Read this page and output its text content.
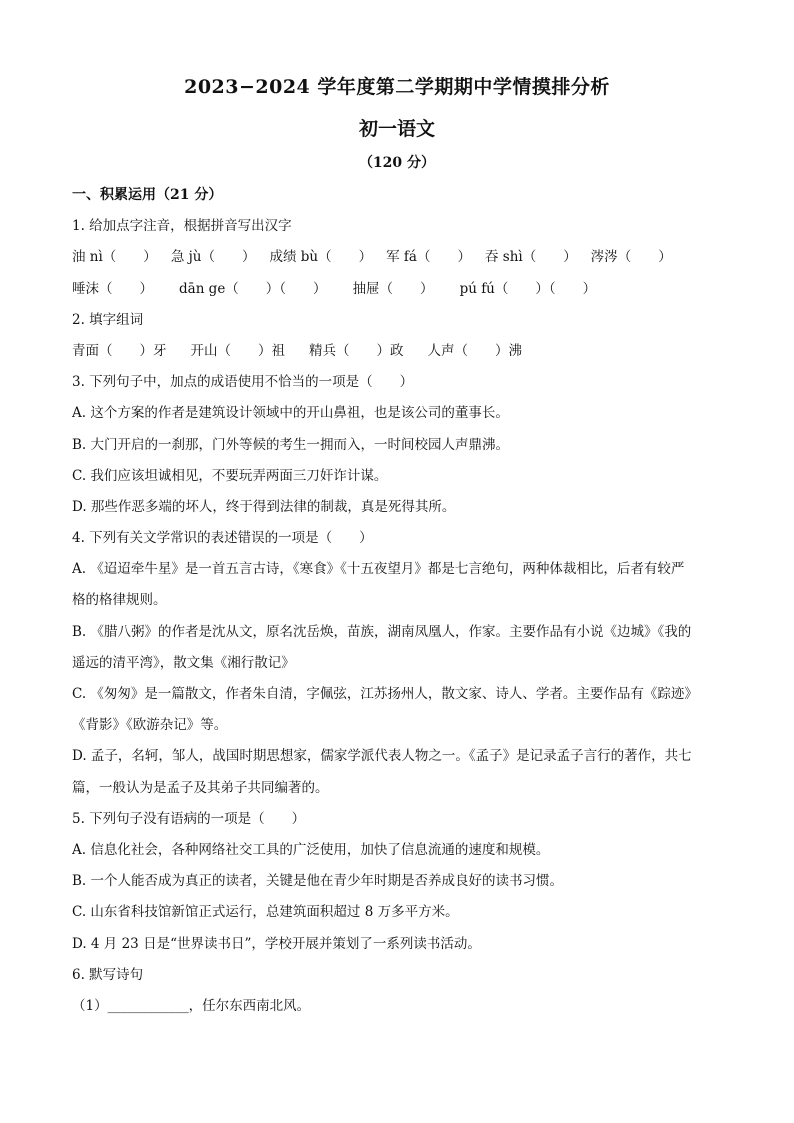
2023−2024 学年度第二学期期中学情摸排分析
初一语文
（120 分）
一、积累运用（21 分）
1. 给加点字注音，根据拼音写出汉字
油 nì（　　） 急 jù（　　） 成绩 bù（　　） 军 fá（　　） 吞 shì（　　） 涔涔（　　）
唾沫（　　） dān ge（　　）（　　） 抽屉（　　） pú fú（　　）（　　）
2. 填字组词
青面（　　）牙 开山（　　）祖 精兵（　　）政 人声（　　）沸
3. 下列句子中，加点的成语使用不恰当的一项是（　　）
A. 这个方案的作者是建筑设计领域中的开山鼻祖，也是该公司的董事长。
B. 大门开启的一刹那，门外等候的考生一拥而入，一时间校园人声鼎沸。
C. 我们应该坦诚相见，不要玩弄两面三刀奸诈计谋。
D. 那些作恶多端的坏人，终于得到法律的制裁，真是死得其所。
4. 下列有关文学常识的表述错误的一项是（　　）
A. 《迢迢牵牛星》是一首五言古诗，《寒食》《十五夜望月》都是七言绝句，两种体裁相比，后者有较严
格的格律规则。
B. 《腊八粥》的作者是沈从文，原名沈岳焕，苗族，湖南凤凰人，作家。主要作品有小说《边城》《我的
遥远的清平湾》，散文集《湘行散记》
C. 《匆匆》是一篇散文，作者朱自清，字佩弦，江苏扬州人，散文家、诗人、学者。主要作品有《踪迹》
《背影》《欧游杂记》等。
D. 孟子，名轲，邹人，战国时期思想家，儒家学派代表人物之一。《孟子》是记录孟子言行的著作，共七
篇，一般认为是孟子及其弟子共同编著的。
5. 下列句子没有语病的一项是（　　）
A. 信息化社会，各种网络社交工具的广泛使用，加快了信息流通的速度和规模。
B. 一个人能否成为真正的读者，关键是他在青少年时期是否养成良好的读书习惯。
C. 山东省科技馆新馆正式运行，总建筑面积超过 8 万多平方米。
D. 4 月 23 日是“世界读书日”，学校开展并策划了一系列读书活动。
6. 默写诗句
（1）____________，任尔东西南北风。
